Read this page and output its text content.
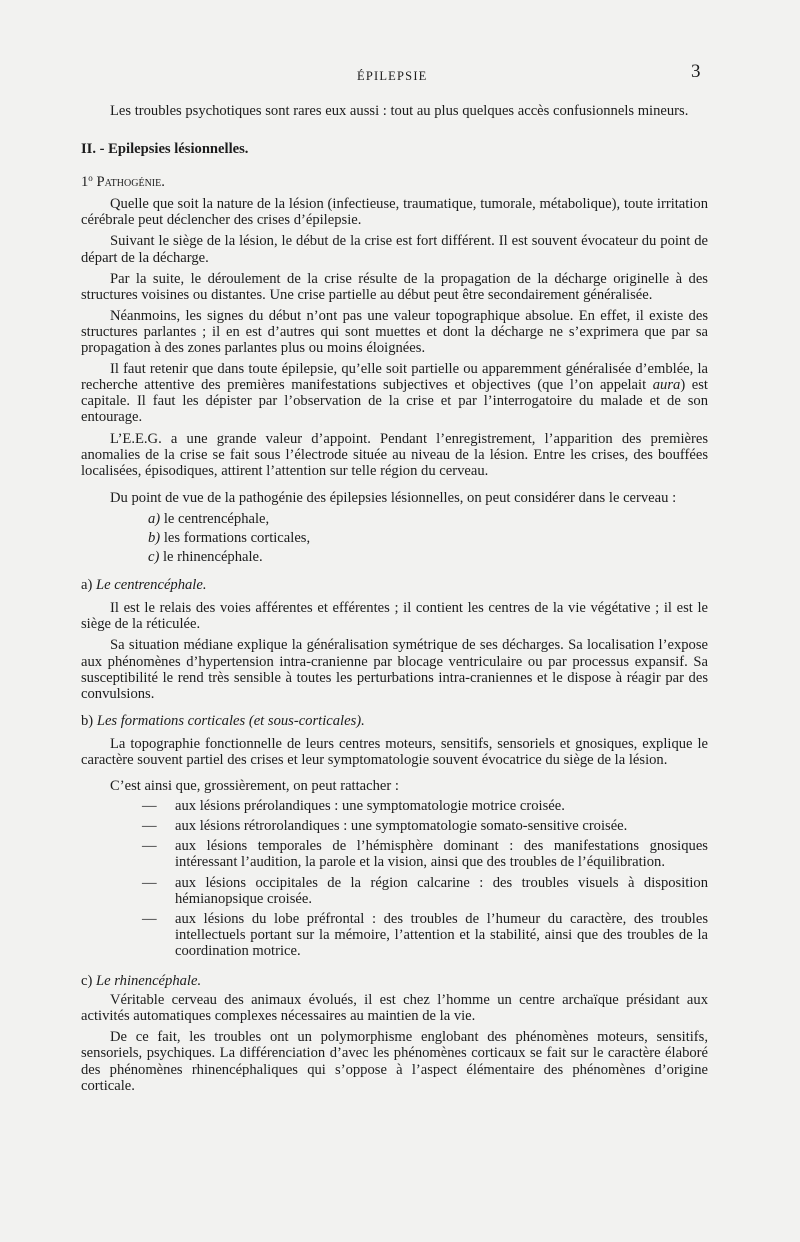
ÉPILEPSIE	3

Les troubles psychotiques sont rares eux aussi : tout au plus quelques accès confusionnels mineurs.

II. - Epilepsies lésionnelles.

1$^o$ Pathogénie.

Quelle que soit la nature de la lésion (infectieuse, traumatique, tumorale, métabolique), toute irritation cérébrale peut déclencher des crises d’épilepsie.

Suivant le siège de la lésion, le début de la crise est fort différent. Il est souvent évocateur du point de départ de la décharge.

Par la suite, le déroulement de la crise résulte de la propagation de la décharge originelle à des structures voisines ou distantes. Une crise partielle au début peut être secondairement généralisée.

Néanmoins, les signes du début n’ont pas une valeur topographique absolue. En effet, il existe des structures parlantes ; il en est d’autres qui sont muettes et dont la décharge ne s’exprimera que par sa propagation à des zones parlantes plus ou moins éloignées.

Il faut retenir que dans toute épilepsie, qu’elle soit partielle ou apparemment généralisée d’emblée, la recherche attentive des premières manifestations subjectives et objectives (que l’on appelait aura) est capitale. Il faut les dépister par l’observation de la crise et par l’interrogatoire du malade et de son entourage.

L’E.E.G. a une grande valeur d’appoint. Pendant l’enregistrement, l’apparition des premières anomalies de la crise se fait sous l’électrode située au niveau de la lésion. Entre les crises, des bouffées localisées, épisodiques, attirent l’attention sur telle région du cerveau.

Du point de vue de la pathogénie des épilepsies lésionnelles, on peut considérer dans le cerveau :

a) le centrencéphale,
b) les formations corticales,
c) le rhinencéphale.

a) Le centrencéphale.

Il est le relais des voies afférentes et efférentes ; il contient les centres de la vie végétative ; il est le siège de la réticulée.

Sa situation médiane explique la généralisation symétrique de ses décharges. Sa localisation l’expose aux phénomènes d’hypertension intra-cranienne par blocage ventriculaire ou par processus expansif. Sa susceptibilité le rend très sensible à toutes les perturbations intra-craniennes et le dispose à réagir par des convulsions.

b) Les formations corticales (et sous-corticales).

La topographie fonctionnelle de leurs centres moteurs, sensitifs, sensoriels et gnosiques, explique le caractère souvent partiel des crises et leur symptomatologie souvent évocatrice du siège de la lésion.

C’est ainsi que, grossièrement, on peut rattacher :

— aux lésions prérolandiques : une symptomatologie motrice croisée.
— aux lésions rétrorolandiques : une symptomatologie somato-sensitive croisée.
— aux lésions temporales de l’hémisphère dominant : des manifestations gnosiques intéressant l’audition, la parole et la vision, ainsi que des troubles de l’équilibration.
— aux lésions occipitales de la région calcarine : des troubles visuels à disposition hémianopsique croisée.
— aux lésions du lobe préfrontal : des troubles de l’humeur du caractère, des troubles intellectuels portant sur la mémoire, l’attention et la stabilité, ainsi que des troubles de la coordination motrice.

c) Le rhinencéphale.

Véritable cerveau des animaux évolués, il est chez l’homme un centre archaïque présidant aux activités automatiques complexes nécessaires au maintien de la vie.

De ce fait, les troubles ont un polymorphisme englobant des phénomènes moteurs, sensitifs, sensoriels, psychiques. La différenciation d’avec les phénomènes corticaux se fait sur le caractère élaboré des phénomènes rhinencéphaliques qui s’oppose à l’aspect élémentaire des phénomènes d’origine corticale.
